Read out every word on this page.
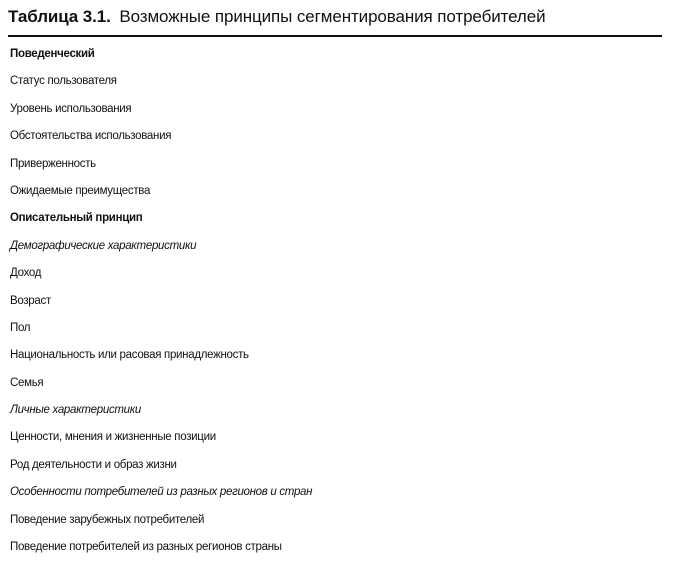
Таблица 3.1. Возможные принципы сегментирования потребителей
Поведенческий
Статус пользователя
Уровень использования
Обстоятельства использования
Приверженность
Ожидаемые преимущества
Описательный принцип
Демографические характеристики
Доход
Возраст
Пол
Национальность или расовая принадлежность
Семья
Личные характеристики
Ценности, мнения и жизненные позиции
Род деятельности и образ жизни
Особенности потребителей из разных регионов и стран
Поведение зарубежных потребителей
Поведение потребителей из разных регионов страны
